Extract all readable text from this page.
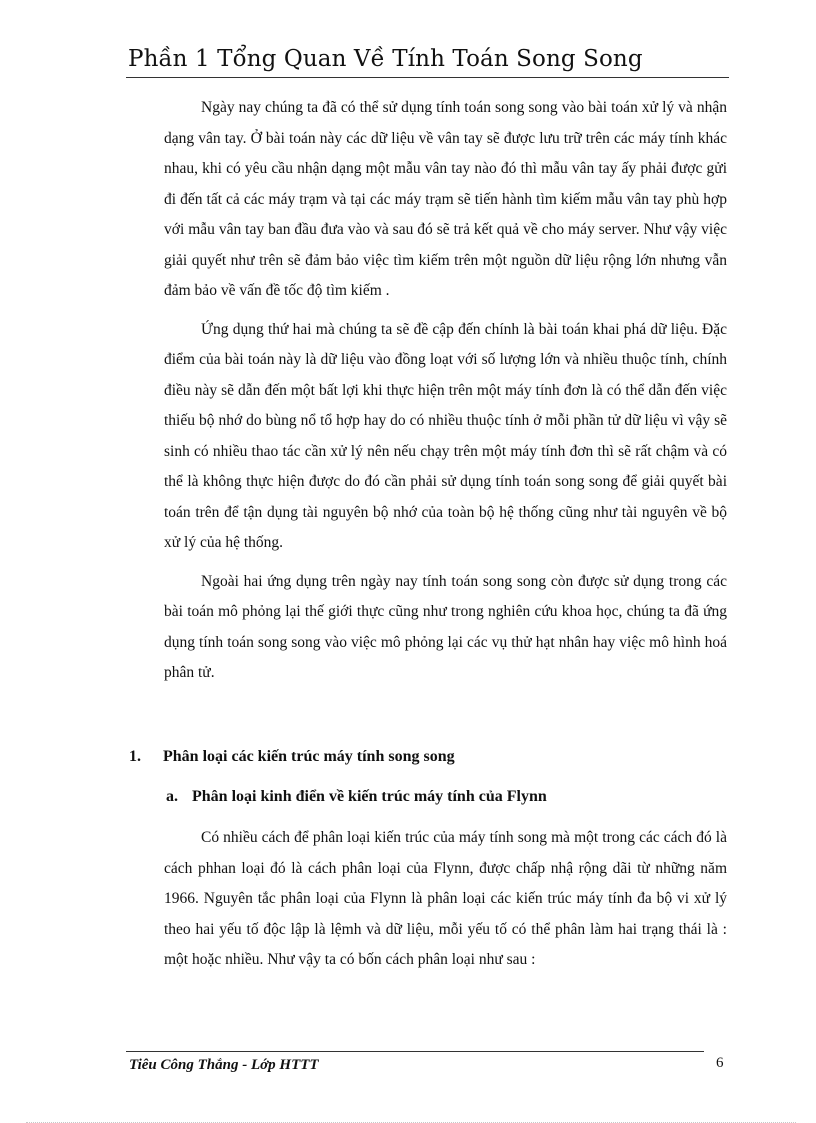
Phần 1 Tổng Quan Về Tính Toán Song Song

Ngày nay chúng ta đã có thể sử dụng tính toán song song vào bài toán xử lý và nhận dạng vân tay. Ở bài toán này các dữ liệu về vân tay sẽ được lưu trữ trên các máy tính khác nhau, khi có yêu cầu nhận dạng một mẫu vân tay nào đó thì mẫu vân tay ấy phải được gửi đi đến tất cả các máy trạm và tại các máy trạm sẽ tiến hành tìm kiếm mẫu vân tay phù hợp với mẫu vân tay ban đầu đưa vào và sau đó sẽ trả kết quả về cho máy server. Như vậy việc giải quyết như trên sẽ đảm bảo việc tìm kiếm trên một nguồn dữ liệu rộng lớn nhưng vẫn đảm bảo về vấn đề tốc độ tìm kiếm .

Ứng dụng thứ hai mà chúng ta sẽ đề cập đến chính là bài toán khai phá dữ liệu. Đặc điểm của bài toán này là dữ liệu vào đồng loạt với số lượng lớn và nhiều thuộc tính, chính điều này sẽ dẫn đến một bất lợi khi thực hiện trên một máy tính đơn là có thể dẫn đến việc thiếu bộ nhớ do bùng nổ tổ hợp hay do có nhiều thuộc tính ở mỗi phần tử dữ liệu vì vậy sẽ sinh có nhiều thao tác cần xử lý nên nếu chạy trên một máy tính đơn thì sẽ rất chậm và có thể là không thực hiện được do đó cần phải sử dụng tính toán song song để giải quyết bài toán trên để tận dụng tài nguyên bộ nhớ của toàn bộ hệ thống cũng như tài nguyên về bộ xử lý của hệ thống.

Ngoài hai ứng dụng trên ngày nay tính toán song song còn được sử dụng trong các bài toán mô phỏng lại thế giới thực cũng như trong nghiên cứu khoa học, chúng ta đã ứng dụng tính toán song song vào việc mô phỏng lại các vụ thử hạt nhân hay việc mô hình hoá phân tử.

1. Phân loại các kiến trúc máy tính song song
a. Phân loại kinh điển về kiến trúc máy tính của Flynn

Có nhiều cách để phân loại kiến trúc của máy tính song mà một trong các cách đó là cách phhan loại đó là cách phân loại của Flynn, được chấp nhậ rộng dãi từ những năm 1966. Nguyên tắc phân loại của Flynn là phân loại các kiến trúc máy tính đa bộ vi xử lý theo hai yếu tố độc lập là lệmh và dữ liệu, mỗi yếu tố có thể phân làm hai trạng thái là : một hoặc nhiều. Như vậy ta có bốn cách phân loại như sau :

Tiêu Công Thắng - Lớp HTTT	6
